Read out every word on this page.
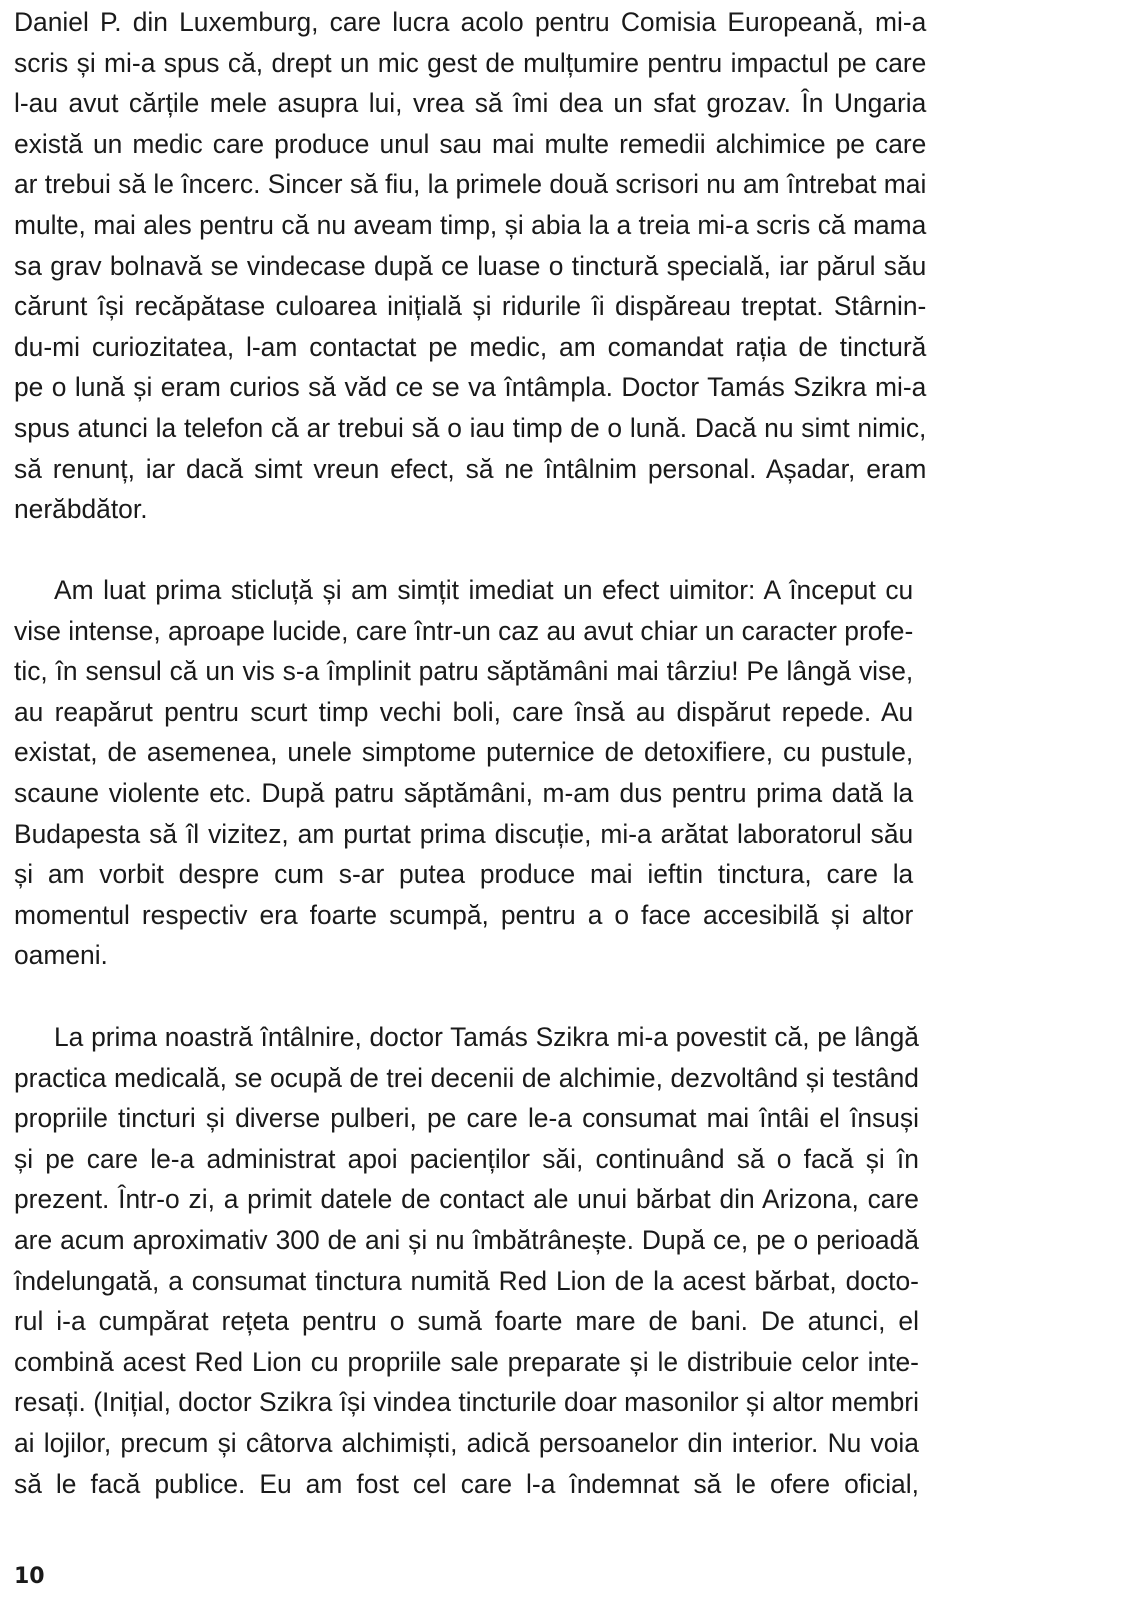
Daniel P. din Luxemburg, care lucra acolo pentru Comisia Europeană, mi-a
scris și mi-a spus că, drept un mic gest de mulțumire pentru impactul pe care
l-au avut cărțile mele asupra lui, vrea să îmi dea un sfat grozav. În Ungaria
există un medic care produce unul sau mai multe remedii alchimice pe care
ar trebui să le încerc. Sincer să fiu, la primele două scrisori nu am întrebat mai
multe, mai ales pentru că nu aveam timp, și abia la a treia mi-a scris că mama
sa grav bolnavă se vindecase după ce luase o tinctură specială, iar părul său
cărunt își recăpătase culoarea inițială și ridurile îi dispăreau treptat. Stârnin-
du-mi curiozitatea, l-am contactat pe medic, am comandat rația de tinctură
pe o lună și eram curios să văd ce se va întâmpla. Doctor Tamás Szikra mi-a
spus atunci la telefon că ar trebui să o iau timp de o lună. Dacă nu simt nimic,
să renunț, iar dacă simt vreun efect, să ne întâlnim personal. Așadar, eram
nerăbdător.
Am luat prima sticluță și am simțit imediat un efect uimitor: A început cu
vise intense, aproape lucide, care într-un caz au avut chiar un caracter profe-
tic, în sensul că un vis s-a împlinit patru săptămâni mai târziu! Pe lângă vise,
au reapărut pentru scurt timp vechi boli, care însă au dispărut repede. Au
existat, de asemenea, unele simptome puternice de detoxifiere, cu pustule,
scaune violente etc. După patru săptămâni, m-am dus pentru prima dată la
Budapesta să îl vizitez, am purtat prima discuție, mi-a arătat laboratorul său
și am vorbit despre cum s-ar putea produce mai ieftin tinctura, care la
momentul respectiv era foarte scumpă, pentru a o face accesibilă și altor
oameni.
La prima noastră întâlnire, doctor Tamás Szikra mi-a povestit că, pe lângă
practica medicală, se ocupă de trei decenii de alchimie, dezvoltând și testând
propriile tincturi și diverse pulberi, pe care le-a consumat mai întâi el însuși
și pe care le-a administrat apoi pacienților săi, continuând să o facă și în
prezent. Într-o zi, a primit datele de contact ale unui bărbat din Arizona, care
are acum aproximativ 300 de ani și nu îmbătrânește. După ce, pe o perioadă
îndelungată, a consumat tinctura numită Red Lion de la acest bărbat, docto-
rul i-a cumpărat rețeta pentru o sumă foarte mare de bani. De atunci, el
combină acest Red Lion cu propriile sale preparate și le distribuie celor inte-
resați. (Inițial, doctor Szikra își vindea tincturile doar masonilor și altor membri
ai lojilor, precum și câtorva alchimiști, adică persoanelor din interior. Nu voia
să le facă publice. Eu am fost cel care l-a îndemnat să le ofere oficial,
10
